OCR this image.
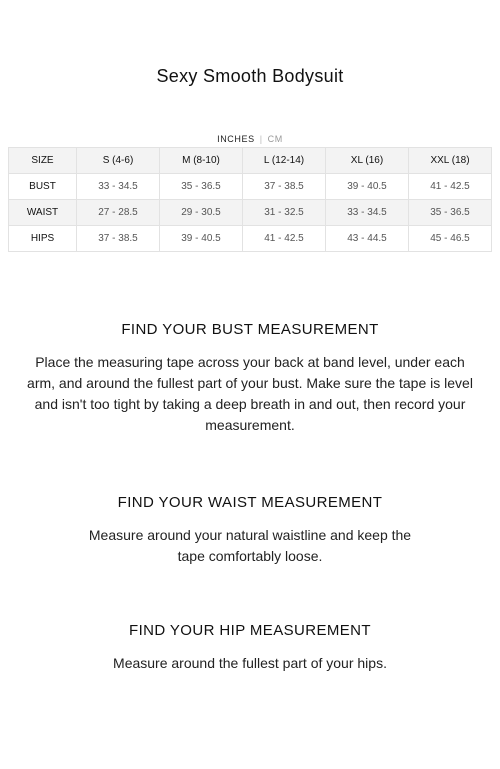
Sexy Smooth Bodysuit
INCHES | CM
SIZE	S (4-6)	M (8-10)	L (12-14)	XL (16)	XXL (18)
BUST	33 - 34.5	35 - 36.5	37 - 38.5	39 - 40.5	41 - 42.5
WAIST	27 - 28.5	29 - 30.5	31 - 32.5	33 - 34.5	35 - 36.5
HIPS	37 - 38.5	39 - 40.5	41 - 42.5	43 - 44.5	45 - 46.5
FIND YOUR BUST MEASUREMENT

Place the measuring tape across your back at band level, under each arm, and around the fullest part of your bust. Make sure the tape is level and isn't too tight by taking a deep breath in and out, then record your measurement.

FIND YOUR WAIST MEASUREMENT

Measure around your natural waistline and keep the tape comfortably loose.

FIND YOUR HIP MEASUREMENT

Measure around the fullest part of your hips.
